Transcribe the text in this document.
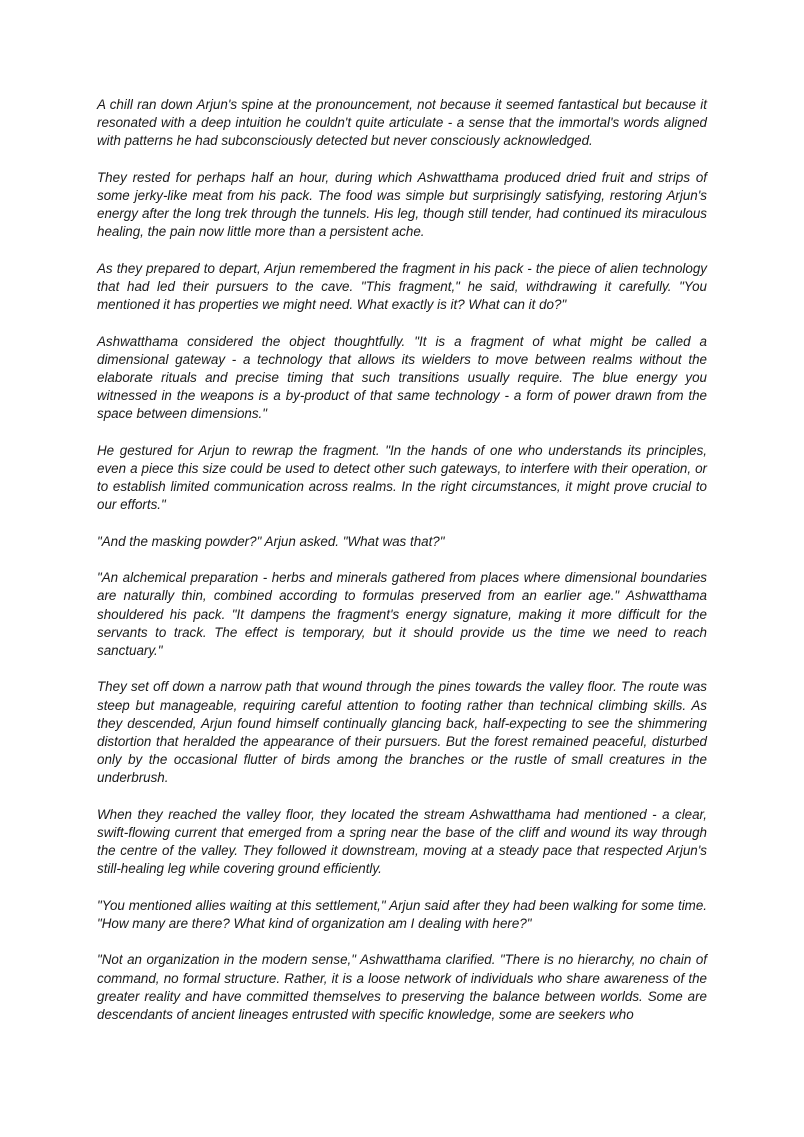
A chill ran down Arjun's spine at the pronouncement, not because it seemed fantastical but because it resonated with a deep intuition he couldn't quite articulate - a sense that the immortal's words aligned with patterns he had subconsciously detected but never consciously acknowledged.

They rested for perhaps half an hour, during which Ashwatthama produced dried fruit and strips of some jerky-like meat from his pack. The food was simple but surprisingly satisfying, restoring Arjun's energy after the long trek through the tunnels. His leg, though still tender, had continued its miraculous healing, the pain now little more than a persistent ache.

As they prepared to depart, Arjun remembered the fragment in his pack - the piece of alien technology that had led their pursuers to the cave. "This fragment," he said, withdrawing it carefully. "You mentioned it has properties we might need. What exactly is it? What can it do?"

Ashwatthama considered the object thoughtfully. "It is a fragment of what might be called a dimensional gateway - a technology that allows its wielders to move between realms without the elaborate rituals and precise timing that such transitions usually require. The blue energy you witnessed in the weapons is a by-product of that same technology - a form of power drawn from the space between dimensions."

He gestured for Arjun to rewrap the fragment. "In the hands of one who understands its principles, even a piece this size could be used to detect other such gateways, to interfere with their operation, or to establish limited communication across realms. In the right circumstances, it might prove crucial to our efforts."

"And the masking powder?" Arjun asked. "What was that?"

"An alchemical preparation - herbs and minerals gathered from places where dimensional boundaries are naturally thin, combined according to formulas preserved from an earlier age." Ashwatthama shouldered his pack. "It dampens the fragment's energy signature, making it more difficult for the servants to track. The effect is temporary, but it should provide us the time we need to reach sanctuary."

They set off down a narrow path that wound through the pines towards the valley floor. The route was steep but manageable, requiring careful attention to footing rather than technical climbing skills. As they descended, Arjun found himself continually glancing back, half-expecting to see the shimmering distortion that heralded the appearance of their pursuers. But the forest remained peaceful, disturbed only by the occasional flutter of birds among the branches or the rustle of small creatures in the underbrush.

When they reached the valley floor, they located the stream Ashwatthama had mentioned - a clear, swift-flowing current that emerged from a spring near the base of the cliff and wound its way through the centre of the valley. They followed it downstream, moving at a steady pace that respected Arjun's still-healing leg while covering ground efficiently.

"You mentioned allies waiting at this settlement," Arjun said after they had been walking for some time. "How many are there? What kind of organization am I dealing with here?"

"Not an organization in the modern sense," Ashwatthama clarified. "There is no hierarchy, no chain of command, no formal structure. Rather, it is a loose network of individuals who share awareness of the greater reality and have committed themselves to preserving the balance between worlds. Some are descendants of ancient lineages entrusted with specific knowledge, some are seekers who
